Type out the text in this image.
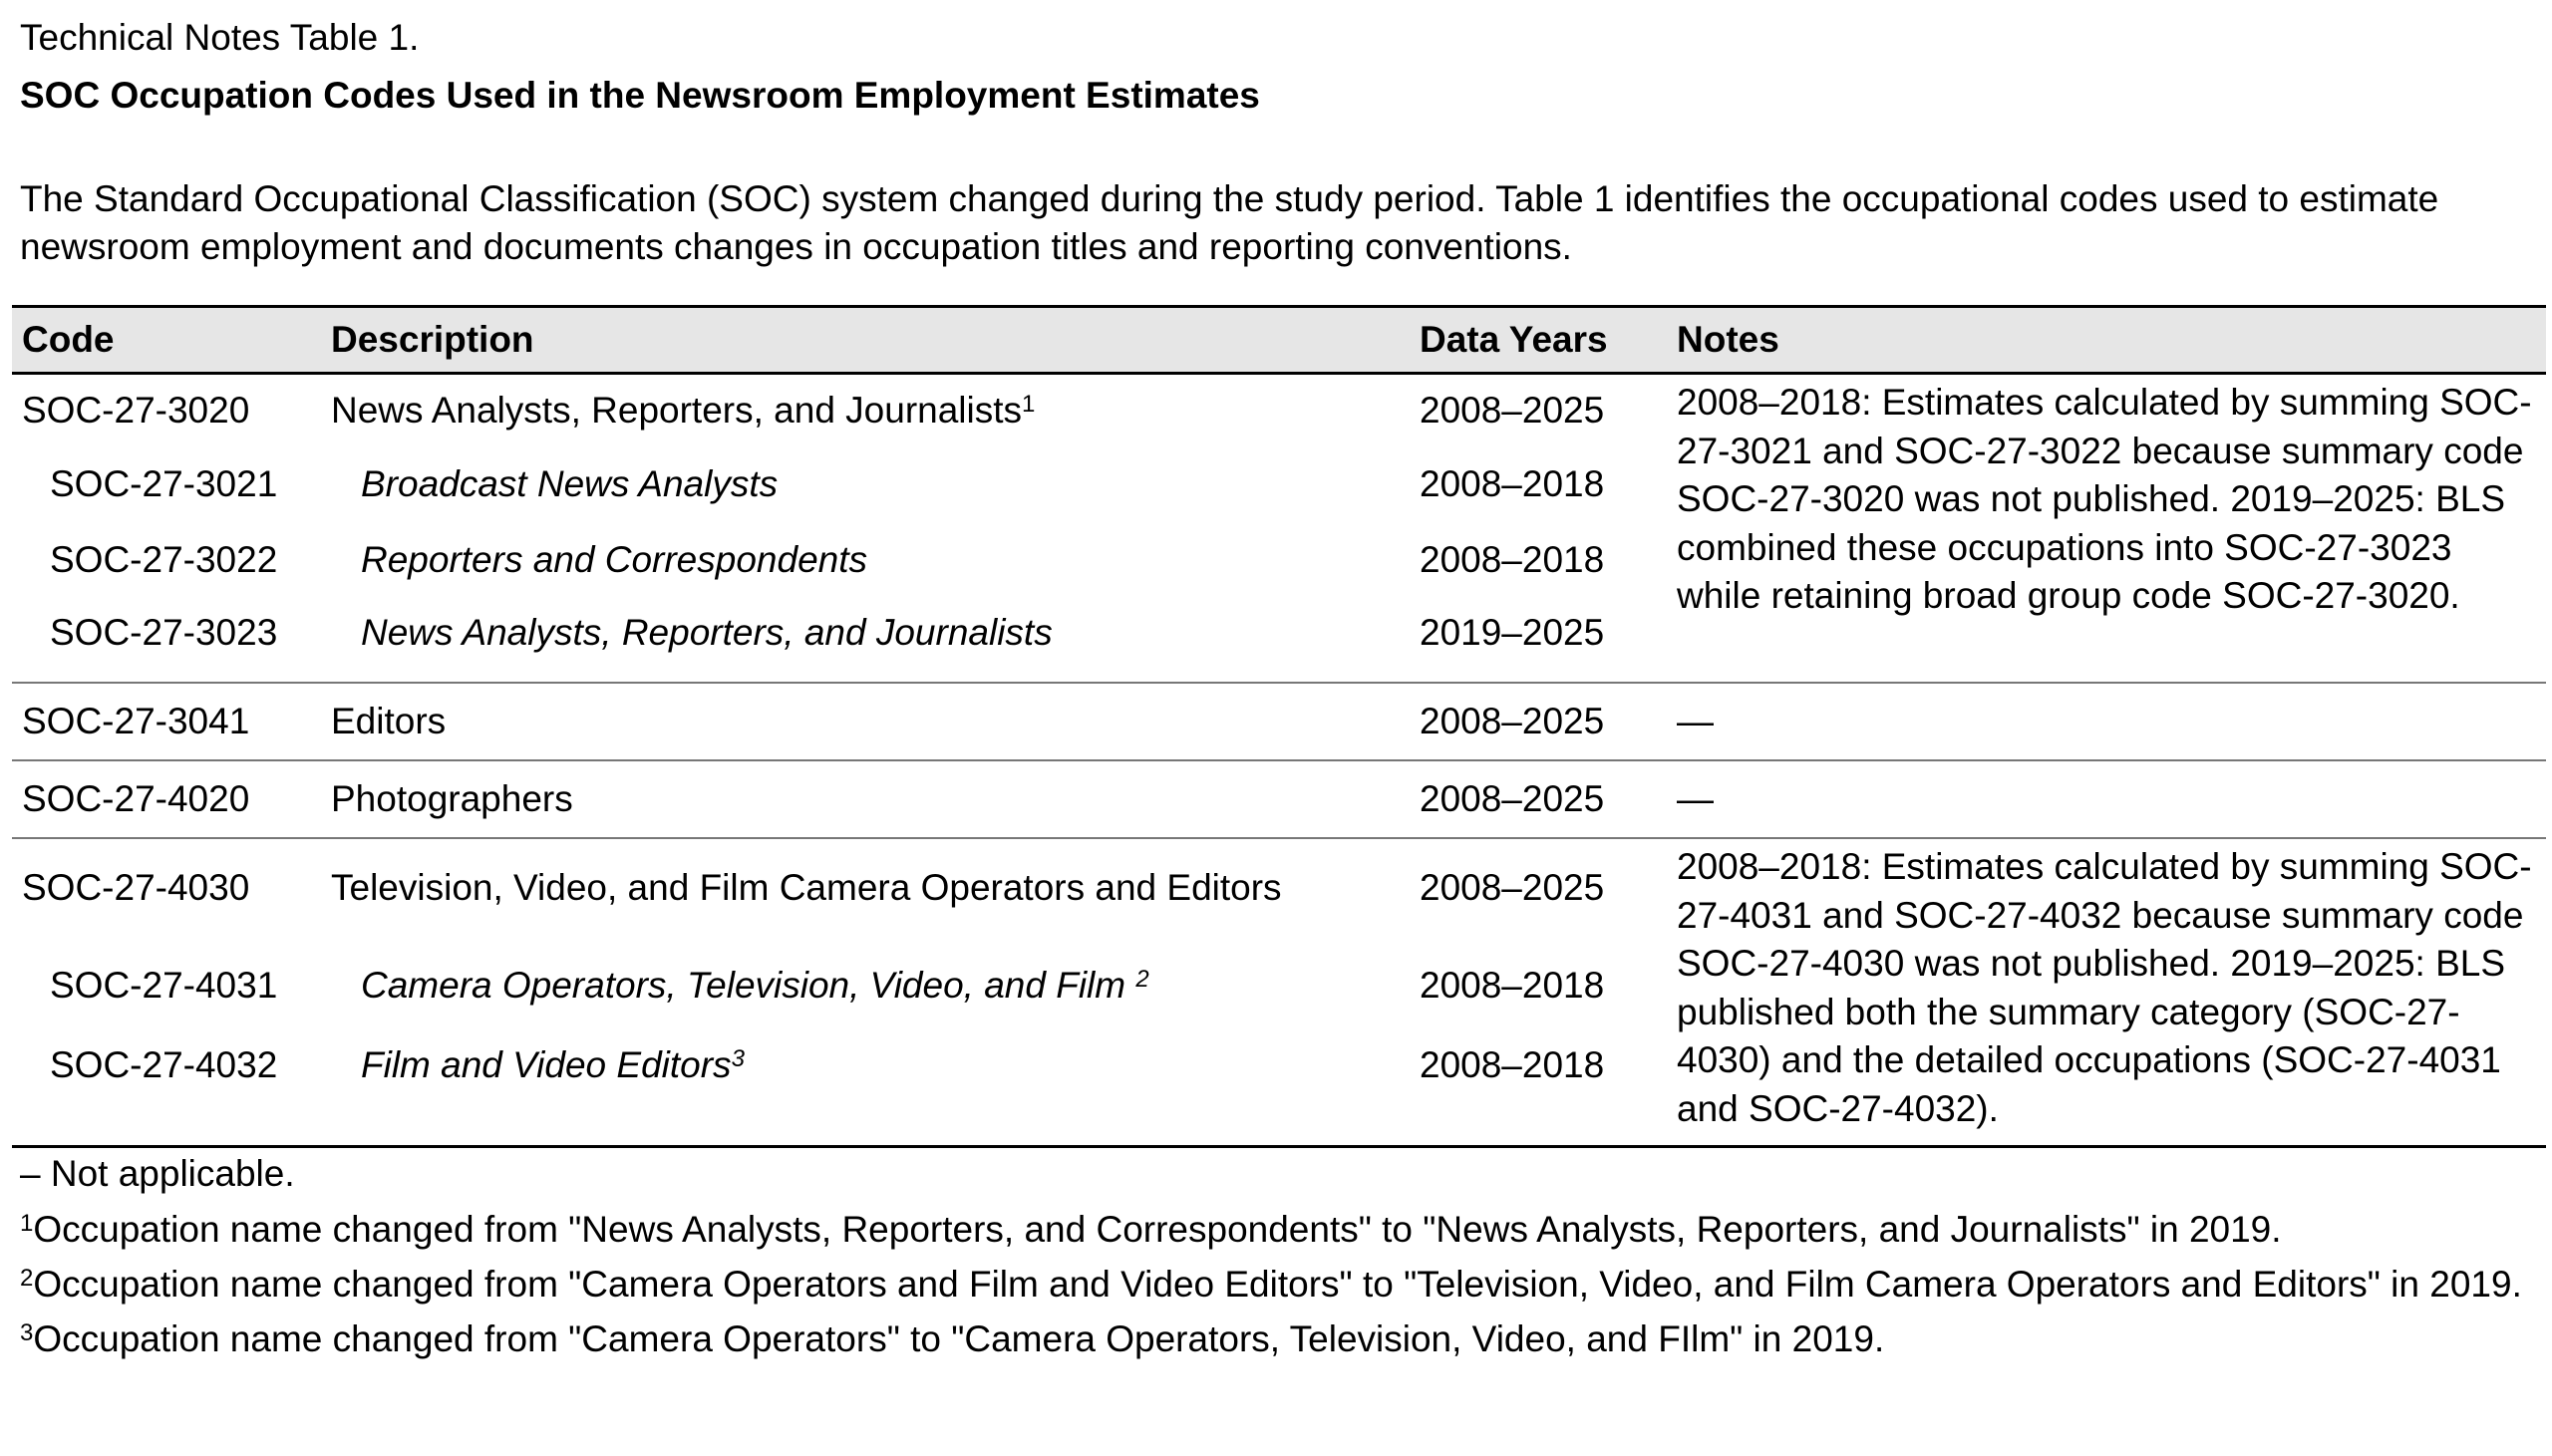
Technical Notes Table 1.
SOC Occupation Codes Used in the Newsroom Employment Estimates
The Standard Occupational Classification (SOC) system changed during the study period. Table 1 identifies the occupational codes used to estimate newsroom employment and documents changes in occupation titles and reporting conventions.
Code	Description	Data Years	Notes
SOC-27-3020	News Analysts, Reporters, and Journalists$^1$	2008–2025	2008–2018: Estimates calculated by summing SOC-27-3021 and SOC-27-3022 because summary code SOC-27-3020 was not published. 2019–2025: BLS combined these occupations into SOC-27-3023 while retaining broad group code SOC-27-3020.
SOC-27-3021	Broadcast News Analysts	2008–2018	
SOC-27-3022	Reporters and Correspondents	2008–2018	
SOC-27-3023	News Analysts, Reporters, and Journalists	2019–2025	
SOC-27-3041	Editors	2008–2025	—
SOC-27-4020	Photographers	2008–2025	—
SOC-27-4030	Television, Video, and Film Camera Operators and Editors	2008–2025	2008–2018: Estimates calculated by summing SOC-27-4031 and SOC-27-4032 because summary code SOC-27-4030 was not published. 2019–2025: BLS published both the summary category (SOC-27-4030) and the detailed occupations (SOC-27-4031 and SOC-27-4032).
SOC-27-4031	Camera Operators, Television, Video, and Film $^2$	2008–2018	
SOC-27-4032	Film and Video Editors$^3$	2008–2018	
– Not applicable.
$^1$Occupation name changed from "News Analysts, Reporters, and Correspondents" to "News Analysts, Reporters, and Journalists" in 2019.
$^2$Occupation name changed from "Camera Operators and Film and Video Editors" to "Television, Video, and Film Camera Operators and Editors" in 2019.
$^3$Occupation name changed from "Camera Operators" to "Camera Operators, Television, Video, and FIlm" in 2019.
